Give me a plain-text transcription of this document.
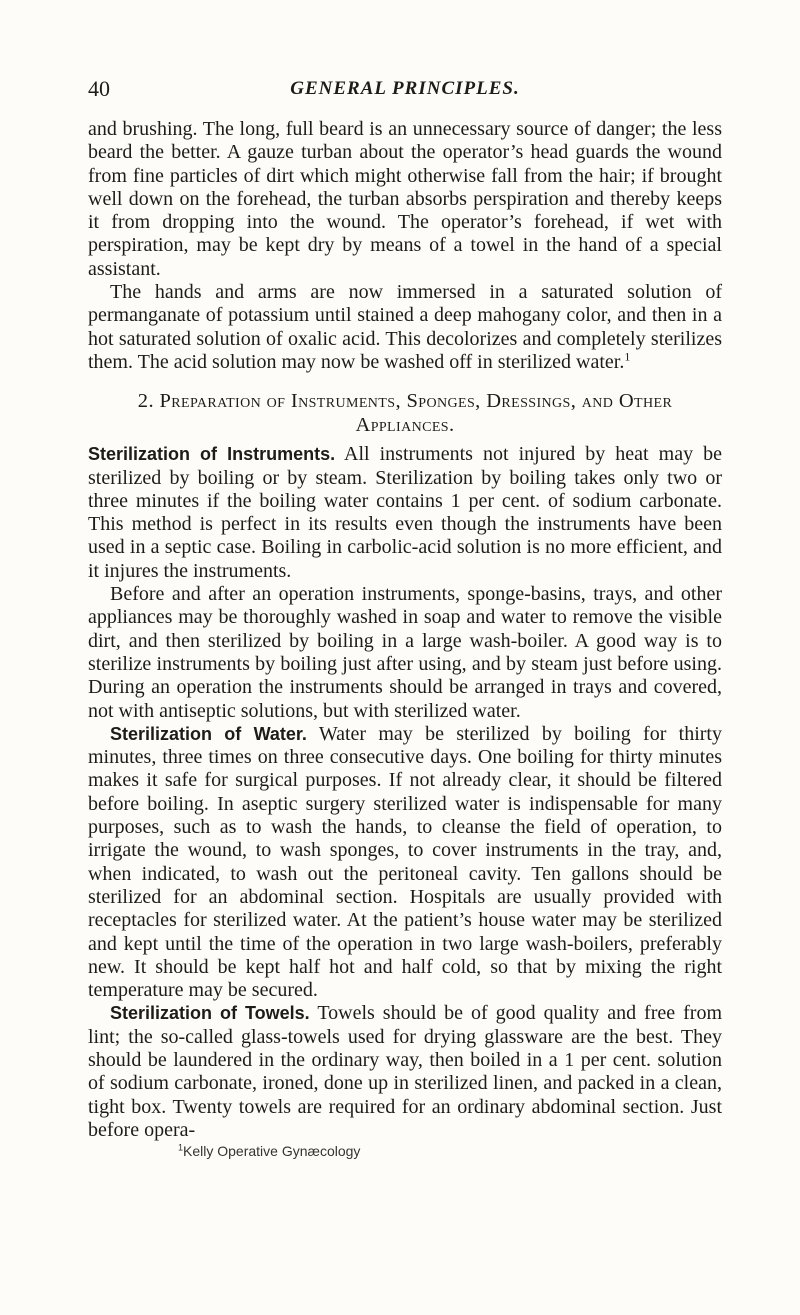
40	GENERAL PRINCIPLES.

and brushing. The long, full beard is an unnecessary source of danger; the less beard the better. A gauze turban about the operator’s head guards the wound from fine particles of dirt which might otherwise fall from the hair; if brought well down on the forehead, the turban absorbs perspiration and thereby keeps it from dropping into the wound. The operator’s forehead, if wet with perspiration, may be kept dry by means of a towel in the hand of a special assistant.

The hands and arms are now immersed in a saturated solution of permanganate of potassium until stained a deep mahogany color, and then in a hot saturated solution of oxalic acid. This decolorizes and completely sterilizes them. The acid solution may now be washed off in sterilized water.$^1$

2. Preparation of Instruments, Sponges, Dressings, and Other Appliances.

Sterilization of Instruments. All instruments not injured by heat may be sterilized by boiling or by steam. Sterilization by boiling takes only two or three minutes if the boiling water contains 1 per cent. of sodium carbonate. This method is perfect in its results even though the instruments have been used in a septic case. Boiling in carbolic-acid solution is no more efficient, and it injures the instruments.

Before and after an operation instruments, sponge-basins, trays, and other appliances may be thoroughly washed in soap and water to remove the visible dirt, and then sterilized by boiling in a large wash-boiler. A good way is to sterilize instruments by boiling just after using, and by steam just before using. During an operation the instruments should be arranged in trays and covered, not with antiseptic solutions, but with sterilized water.

Sterilization of Water. Water may be sterilized by boiling for thirty minutes, three times on three consecutive days. One boiling for thirty minutes makes it safe for surgical purposes. If not already clear, it should be filtered before boiling. In aseptic surgery sterilized water is indispensable for many purposes, such as to wash the hands, to cleanse the field of operation, to irrigate the wound, to wash sponges, to cover instruments in the tray, and, when indicated, to wash out the peritoneal cavity. Ten gallons should be sterilized for an abdominal section. Hospitals are usually provided with receptacles for sterilized water. At the patient’s house water may be sterilized and kept until the time of the operation in two large wash-boilers, preferably new. It should be kept half hot and half cold, so that by mixing the right temperature may be secured.

Sterilization of Towels. Towels should be of good quality and free from lint; the so-called glass-towels used for drying glassware are the best. They should be laundered in the ordinary way, then boiled in a 1 per cent. solution of sodium carbonate, ironed, done up in sterilized linen, and packed in a clean, tight box. Twenty towels are required for an ordinary abdominal section. Just before opera-

$^1$Kelly Operative Gynæcology
